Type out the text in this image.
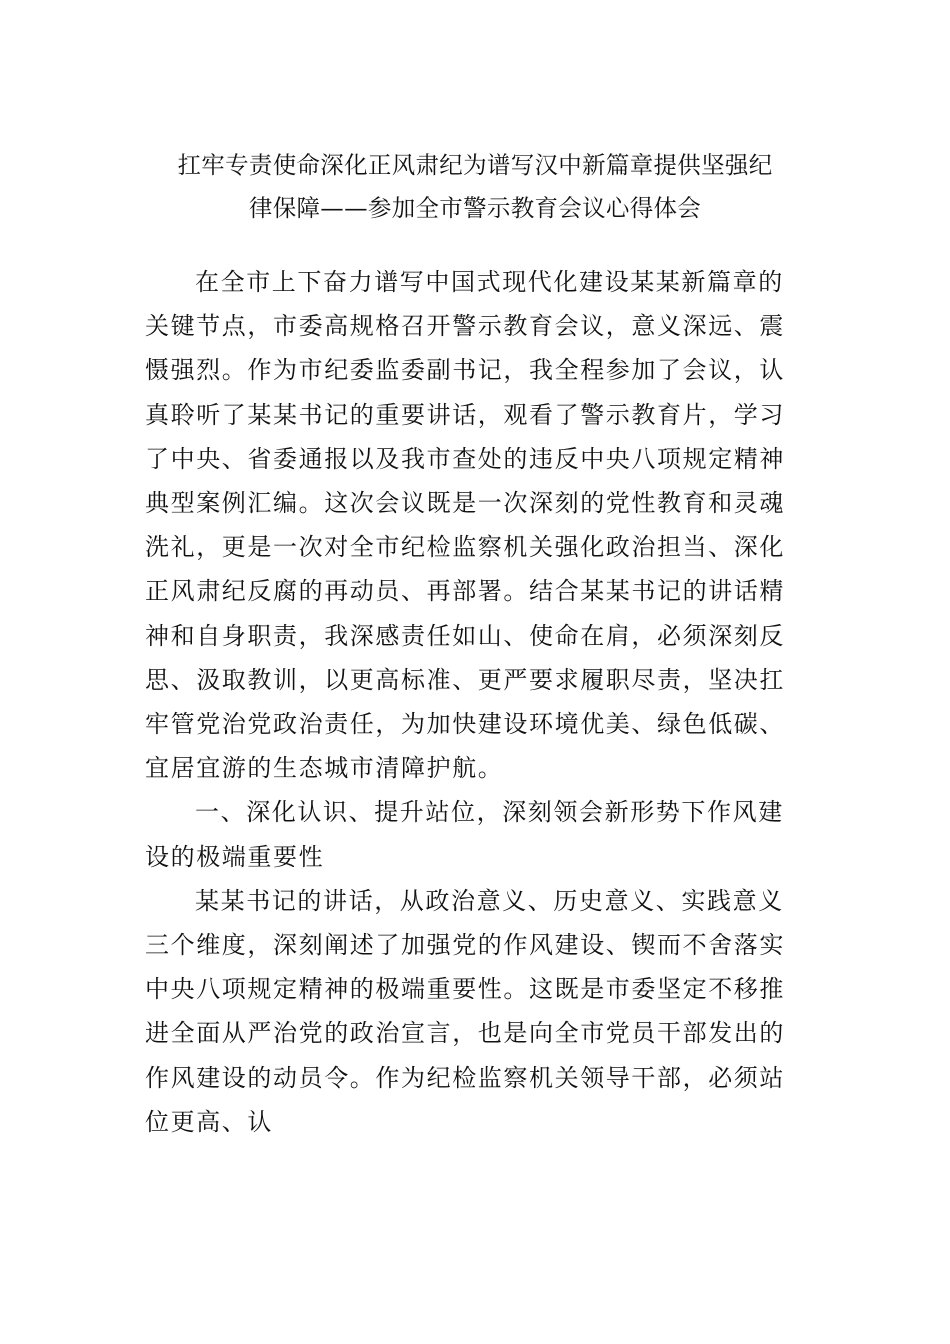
扛牢专责使命深化正风肃纪为谱写汉中新篇章提供坚强纪
律保障——参加全市警示教育会议心得体会
在全市上下奋力谱写中国式现代化建设某某新篇章的
关键节点，市委高规格召开警示教育会议，意义深远、震
慑强烈。作为市纪委监委副书记，我全程参加了会议，认
真聆听了某某书记的重要讲话，观看了警示教育片，学习
了中央、省委通报以及我市查处的违反中央八项规定精神
典型案例汇编。这次会议既是一次深刻的党性教育和灵魂
洗礼，更是一次对全市纪检监察机关强化政治担当、深化
正风肃纪反腐的再动员、再部署。结合某某书记的讲话精
神和自身职责，我深感责任如山、使命在肩，必须深刻反
思、汲取教训，以更高标准、更严要求履职尽责，坚决扛
牢管党治党政治责任，为加快建设环境优美、绿色低碳、
宜居宜游的生态城市清障护航。
一、深化认识、提升站位，深刻领会新形势下作风建
设的极端重要性
某某书记的讲话，从政治意义、历史意义、实践意义
三个维度，深刻阐述了加强党的作风建设、锲而不舍落实
中央八项规定精神的极端重要性。这既是市委坚定不移推
进全面从严治党的政治宣言，也是向全市党员干部发出的
作风建设的动员令。作为纪检监察机关领导干部，必须站
位更高、认
